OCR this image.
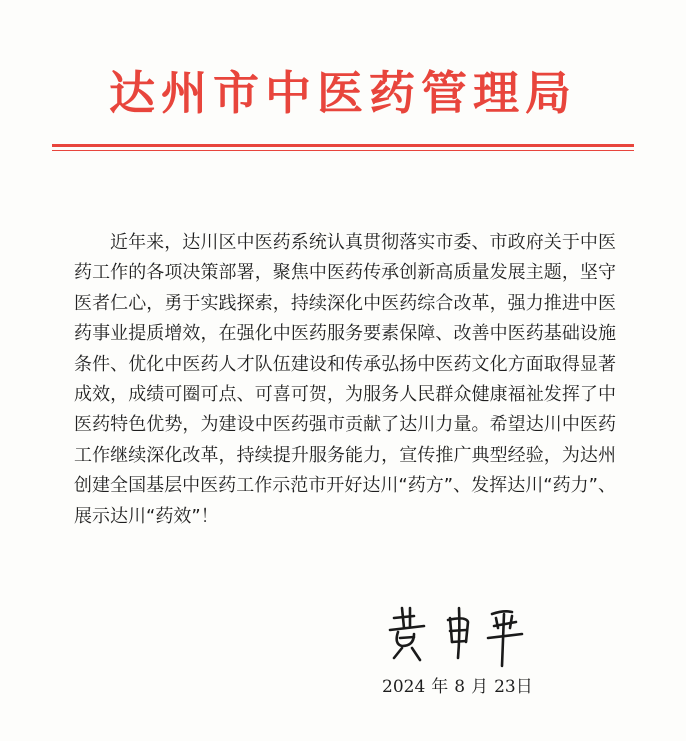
达州市中医药管理局

近年来，达川区中医药系统认真贯彻落实市委、市政府关于中医药工作的各项决策部署，聚焦中医药传承创新高质量发展主题，坚守医者仁心，勇于实践探索，持续深化中医药综合改革，强力推进中医药事业提质增效，在强化中医药服务要素保障、改善中医药基础设施条件、优化中医药人才队伍建设和传承弘扬中医药文化方面取得显著成效，成绩可圈可点、可喜可贺，为服务人民群众健康福祉发挥了中医药特色优势，为建设中医药强市贡献了达川力量。希望达川中医药工作继续深化改革，持续提升服务能力，宣传推广典型经验，为达州创建全国基层中医药工作示范市开好达川“药方”、发挥达川“药力”、展示达川“药效”！

2024 年 8 月 23日
